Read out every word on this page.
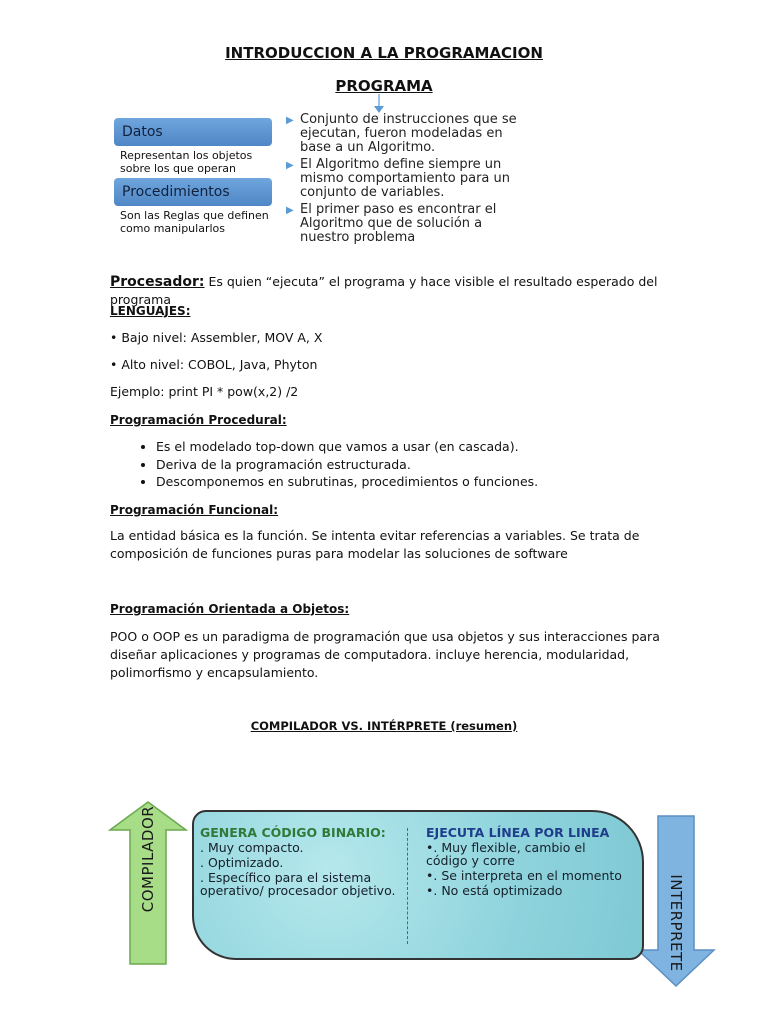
INTRODUCCION A LA PROGRAMACION
PROGRAMA
Datos
Representan los objetos sobre los que operan
Procedimientos
Son las Reglas que definen como manipularlos
▶ Conjunto de instrucciones que se ejecutan, fueron modeladas en base a un Algoritmo.
▶ El Algoritmo define siempre un mismo comportamiento para un conjunto de variables.
▶ El primer paso es encontrar el Algoritmo que de solución a nuestro problema
Procesador: Es quien “ejecuta” el programa y hace visible el resultado esperado del programa
LENGUAJES:
• Bajo nivel: Assembler, MOV A, X
• Alto nivel: COBOL, Java, Phyton
Ejemplo: print PI * pow(x,2) /2
Programación Procedural:
• Es el modelado top-down que vamos a usar (en cascada).
• Deriva de la programación estructurada.
• Descomponemos en subrutinas, procedimientos o funciones.
Programación Funcional:
La entidad básica es la función. Se intenta evitar referencias a variables. Se trata de composición de funciones puras para modelar las soluciones de software
Programación Orientada a Objetos:
POO o OOP es un paradigma de programación que usa objetos y sus interacciones para diseñar aplicaciones y programas de computadora. incluye herencia, modularidad, polimorfismo y encapsulamiento.
COMPILADOR VS. INTÉRPRETE (resumen)
COMPILADOR
INTERPRETE
GENERA CÓDIGO BINARIO:
. Muy compacto.
. Optimizado.
. Específico para el sistema operativo/ procesador objetivo.
EJECUTA LÍNEA POR LINEA
•. Muy flexible, cambio el código y corre
•. Se interpreta en el momento
•. No está optimizado
